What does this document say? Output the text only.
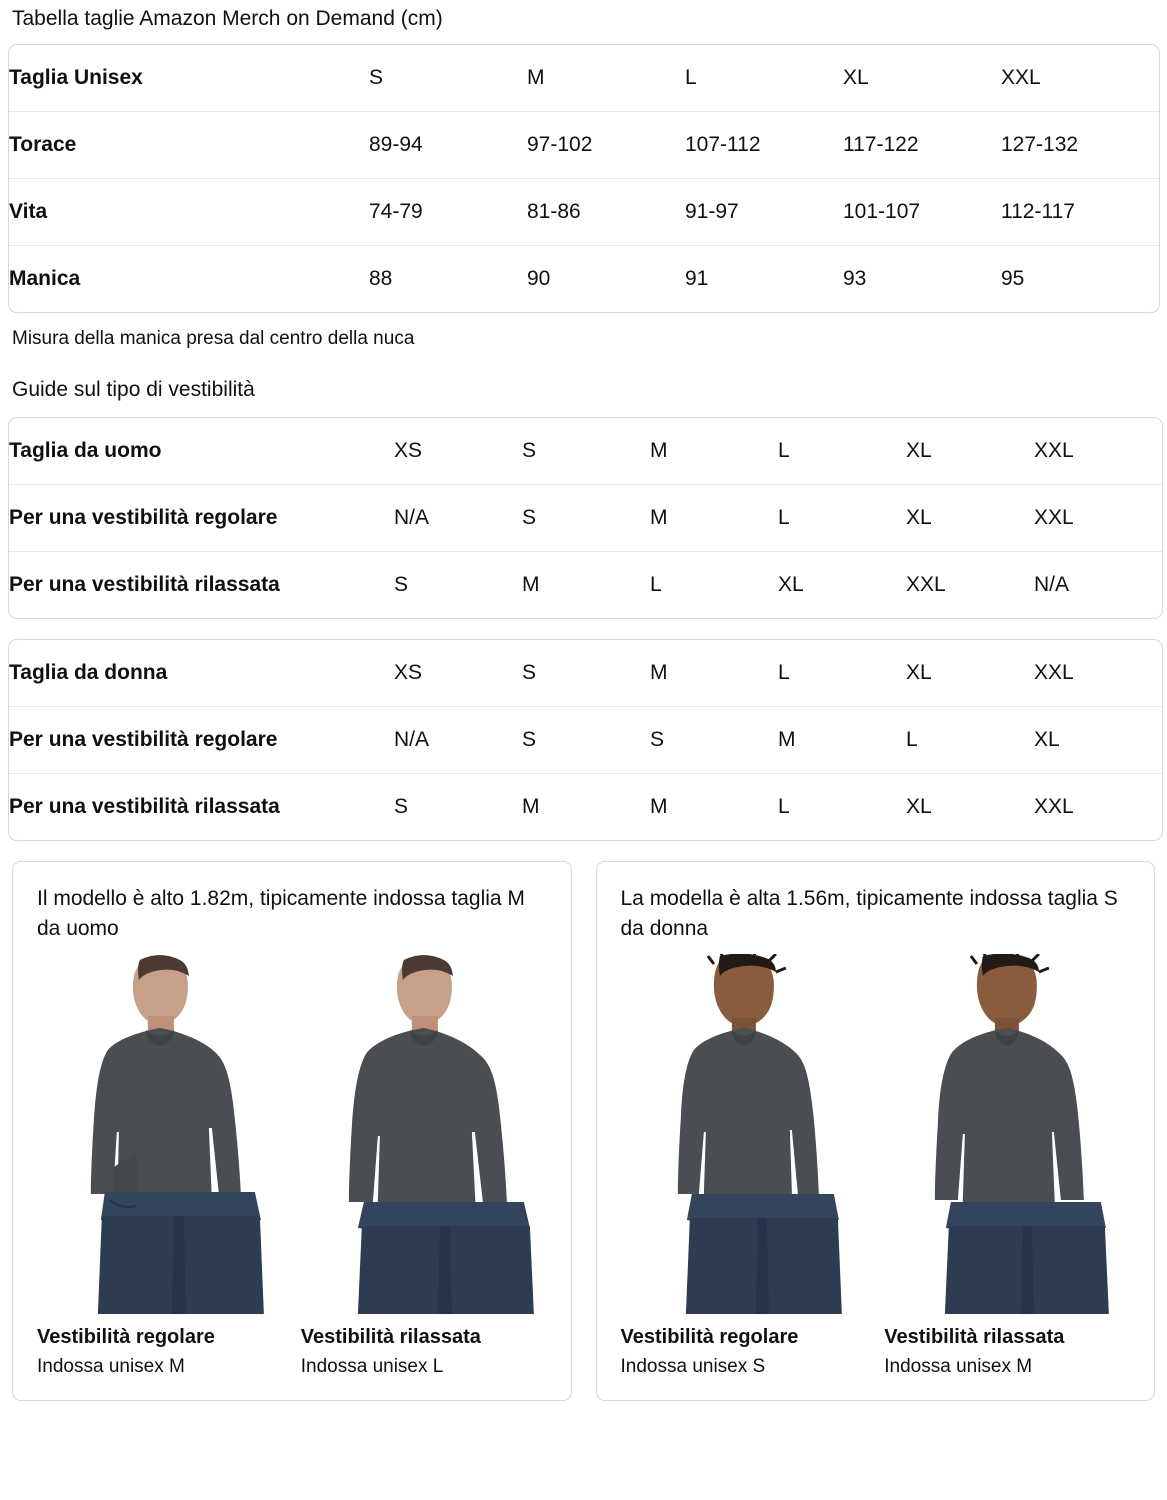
Tabella taglie Amazon Merch on Demand (cm)
Taglia Unisex	S	M	L	XL	XXL
Torace	89-94	97-102	107-112	117-122	127-132
Vita	74-79	81-86	91-97	101-107	112-117
Manica	88	90	91	93	95
Misura della manica presa dal centro della nuca
Guide sul tipo di vestibilità
Taglia da uomo	XS	S	M	L	XL	XXL
Per una vestibilità regolare	N/A	S	M	L	XL	XXL
Per una vestibilità rilassata	S	M	L	XL	XXL	N/A
Taglia da donna	XS	S	M	L	XL	XXL
Per una vestibilità regolare	N/A	S	S	M	L	XL
Per una vestibilità rilassata	S	M	M	L	XL	XXL
Il modello è alto 1.82m, tipicamente indossa taglia M da uomo
Vestibilità regolare
Indossa unisex M
Vestibilità rilassata
Indossa unisex L
La modella è alta 1.56m, tipicamente indossa taglia S da donna
Vestibilità regolare
Indossa unisex S
Vestibilità rilassata
Indossa unisex M
